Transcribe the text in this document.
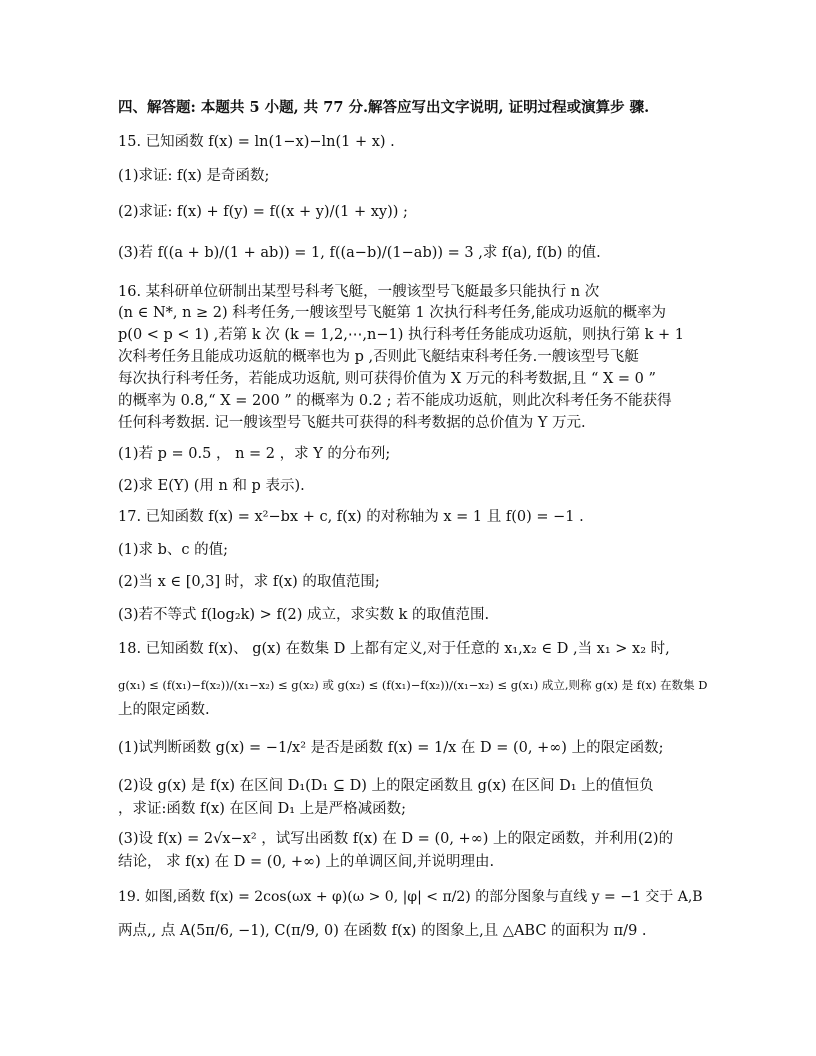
四、解答题: 本题共 5 小题, 共 77 分.解答应写出文字说明, 证明过程或演算步 骤.
15. 已知函数 f(x) = ln(1−x)−ln(1 + x) .
(1)求证: f(x) 是奇函数;
(2)求证: f(x) + f(y) = f((x + y)/(1 + xy)) ;
(3)若 f((a + b)/(1 + ab)) = 1, f((a−b)/(1−ab)) = 3 ,求 f(a), f(b) 的值.
16. 某科研单位研制出某型号科考飞艇，一艘该型号飞艇最多只能执行 n 次
(n ∈ N*, n ≥ 2) 科考任务,一艘该型号飞艇第 1 次执行科考任务,能成功返航的概率为
p(0 < p < 1) ,若第 k 次 (k = 1,2,⋯,n−1) 执行科考任务能成功返航，则执行第 k + 1
次科考任务且能成功返航的概率也为 p ,否则此飞艇结束科考任务.一艘该型号飞艇
每次执行科考任务，若能成功返航, 则可获得价值为 X 万元的科考数据,且 “ X = 0 ”
的概率为 0.8,“ X = 200 ” 的概率为 0.2 ; 若不能成功返航，则此次科考任务不能获得
任何科考数据. 记一艘该型号飞艇共可获得的科考数据的总价值为 Y 万元.
(1)若 p = 0.5 ， n = 2 ，求 Y 的分布列;
(2)求 E(Y) (用 n 和 p 表示).
17. 已知函数 f(x) = x²−bx + c, f(x) 的对称轴为 x = 1 且 f(0) = −1 .
(1)求 b、c 的值;
(2)当 x ∈ [0,3] 时，求 f(x) 的取值范围;
(3)若不等式 f(log₂k) > f(2) 成立，求实数 k 的取值范围.
18. 已知函数 f(x)、 g(x) 在数集 D 上都有定义,对于任意的 x₁,x₂ ∈ D ,当 x₁ > x₂ 时,
g(x₁) ≤ (f(x₁)−f(x₂))/(x₁−x₂) ≤ g(x₂) 或 g(x₂) ≤ (f(x₁)−f(x₂))/(x₁−x₂) ≤ g(x₁) 成立,则称 g(x) 是 f(x) 在数集 D
上的限定函数.
(1)试判断函数 g(x) = −1/x² 是否是函数 f(x) = 1/x 在 D = (0, +∞) 上的限定函数;
(2)设 g(x) 是 f(x) 在区间 D₁(D₁ ⊆ D) 上的限定函数且 g(x) 在区间 D₁ 上的值恒负
，求证:函数 f(x) 在区间 D₁ 上是严格减函数;
(3)设 f(x) = 2√x−x² ，试写出函数 f(x) 在 D = (0, +∞) 上的限定函数，并利用(2)的
结论， 求 f(x) 在 D = (0, +∞) 上的单调区间,并说明理由.
19. 如图,函数 f(x) = 2cos(ωx + φ)(ω > 0, |φ| < π/2) 的部分图象与直线 y = −1 交于 A,B
两点,, 点 A(5π/6, −1), C(π/9, 0) 在函数 f(x) 的图象上,且 △ABC 的面积为 π/9 .
